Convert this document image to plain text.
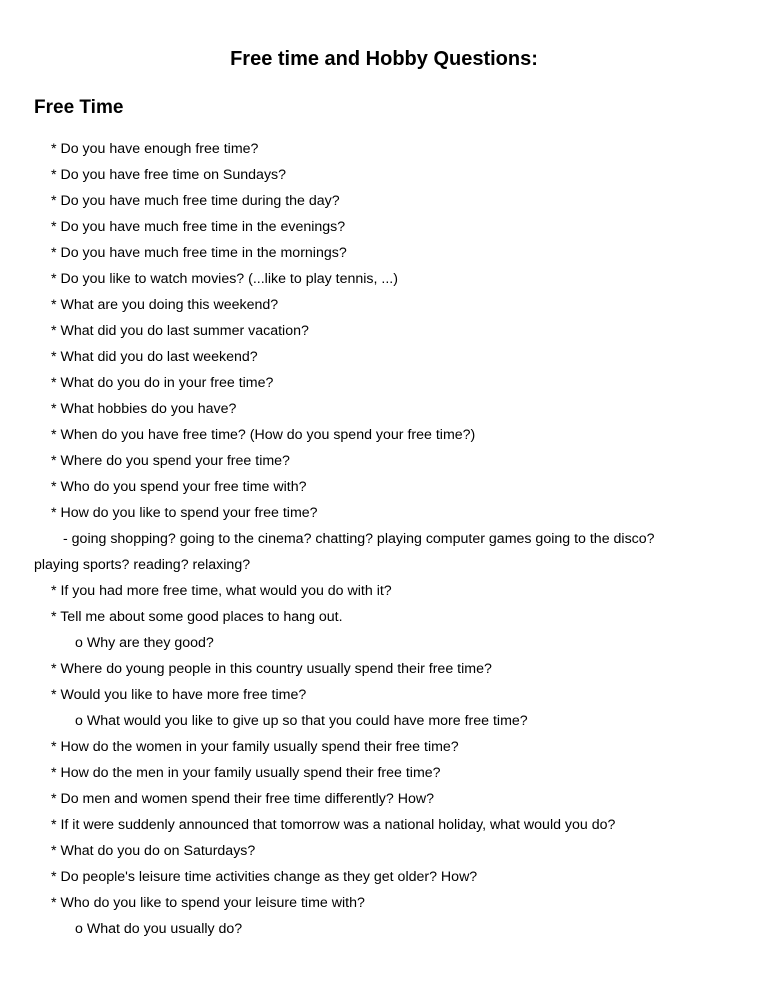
Free time and Hobby Questions:
Free Time
* Do you have enough free time?
* Do you have free time on Sundays?
* Do you have much free time during the day?
* Do you have much free time in the evenings?
* Do you have much free time in the mornings?
* Do you like to watch movies? (...like to play tennis, ...)
* What are you doing this weekend?
* What did you do last summer vacation?
* What did you do last weekend?
* What do you do in your free time?
* What hobbies do you have?
* When do you have free time? (How do you spend your free time?)
* Where do you spend your free time?
* Who do you spend your free time with?
* How do you like to spend your free time?
- going shopping? going to the cinema? chatting? playing computer games going to the disco?
playing sports? reading? relaxing?
* If you had more free time, what would you do with it?
* Tell me about some good places to hang out.
o Why are they good?
* Where do young people in this country usually spend their free time?
* Would you like to have more free time?
o What would you like to give up so that you could have more free time?
* How do the women in your family usually spend their free time?
* How do the men in your family usually spend their free time?
* Do men and women spend their free time differently? How?
* If it were suddenly announced that tomorrow was a national holiday, what would you do?
* What do you do on Saturdays?
* Do people's leisure time activities change as they get older? How?
* Who do you like to spend your leisure time with?
o What do you usually do?
